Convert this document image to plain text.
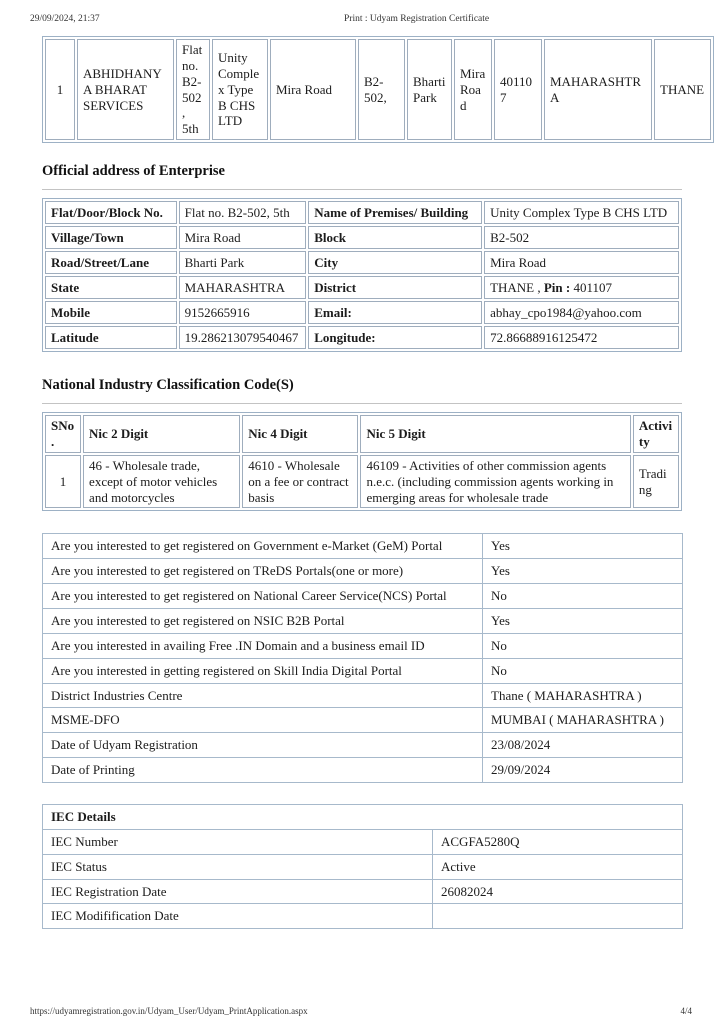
29/09/2024, 21:37	Print : Udyam Registration Certificate
1	ABHIDHANYA BHARAT SERVICES	Flat no. B2-502, 5th	Unity Complex Type B CHS LTD	Mira Road	B2-502,	Bharti Park	Mira Road	401107	MAHARASHTRA	THANE
Official address of Enterprise
Flat/Door/Block No.	Flat no. B2-502, 5th	Name of Premises/ Building	Unity Complex Type B CHS LTD
Village/Town	Mira Road	Block	B2-502
Road/Street/Lane	Bharti Park	City	Mira Road
State	MAHARASHTRA	District	THANE , Pin : 401107
Mobile	9152665916	Email:	abhay_cpo1984@yahoo.com
Latitude	19.286213079540467	Longitude:	72.86688916125472
National Industry Classification Code(S)
SNo.	Nic 2 Digit	Nic 4 Digit	Nic 5 Digit	Activity
1	46 - Wholesale trade, except of motor vehicles and motorcycles	4610 - Wholesale on a fee or contract basis	46109 - Activities of other commission agents n.e.c. (including commission agents working in emerging areas for wholesale trade	Trading
Are you interested to get registered on Government e-Market (GeM) Portal	Yes
Are you interested to get registered on TReDS Portals(one or more)	Yes
Are you interested to get registered on National Career Service(NCS) Portal	No
Are you interested to get registered on NSIC B2B Portal	Yes
Are you interested in availing Free .IN Domain and a business email ID	No
Are you interested in getting registered on Skill India Digital Portal	No
District Industries Centre	Thane ( MAHARASHTRA )
MSME-DFO	MUMBAI ( MAHARASHTRA )
Date of Udyam Registration	23/08/2024
Date of Printing	29/09/2024
IEC Details	
IEC Number	ACGFA5280Q
IEC Status	Active
IEC Registration Date	26082024
IEC Modifification Date	
https://udyamregistration.gov.in/Udyam_User/Udyam_PrintApplication.aspx	4/4
